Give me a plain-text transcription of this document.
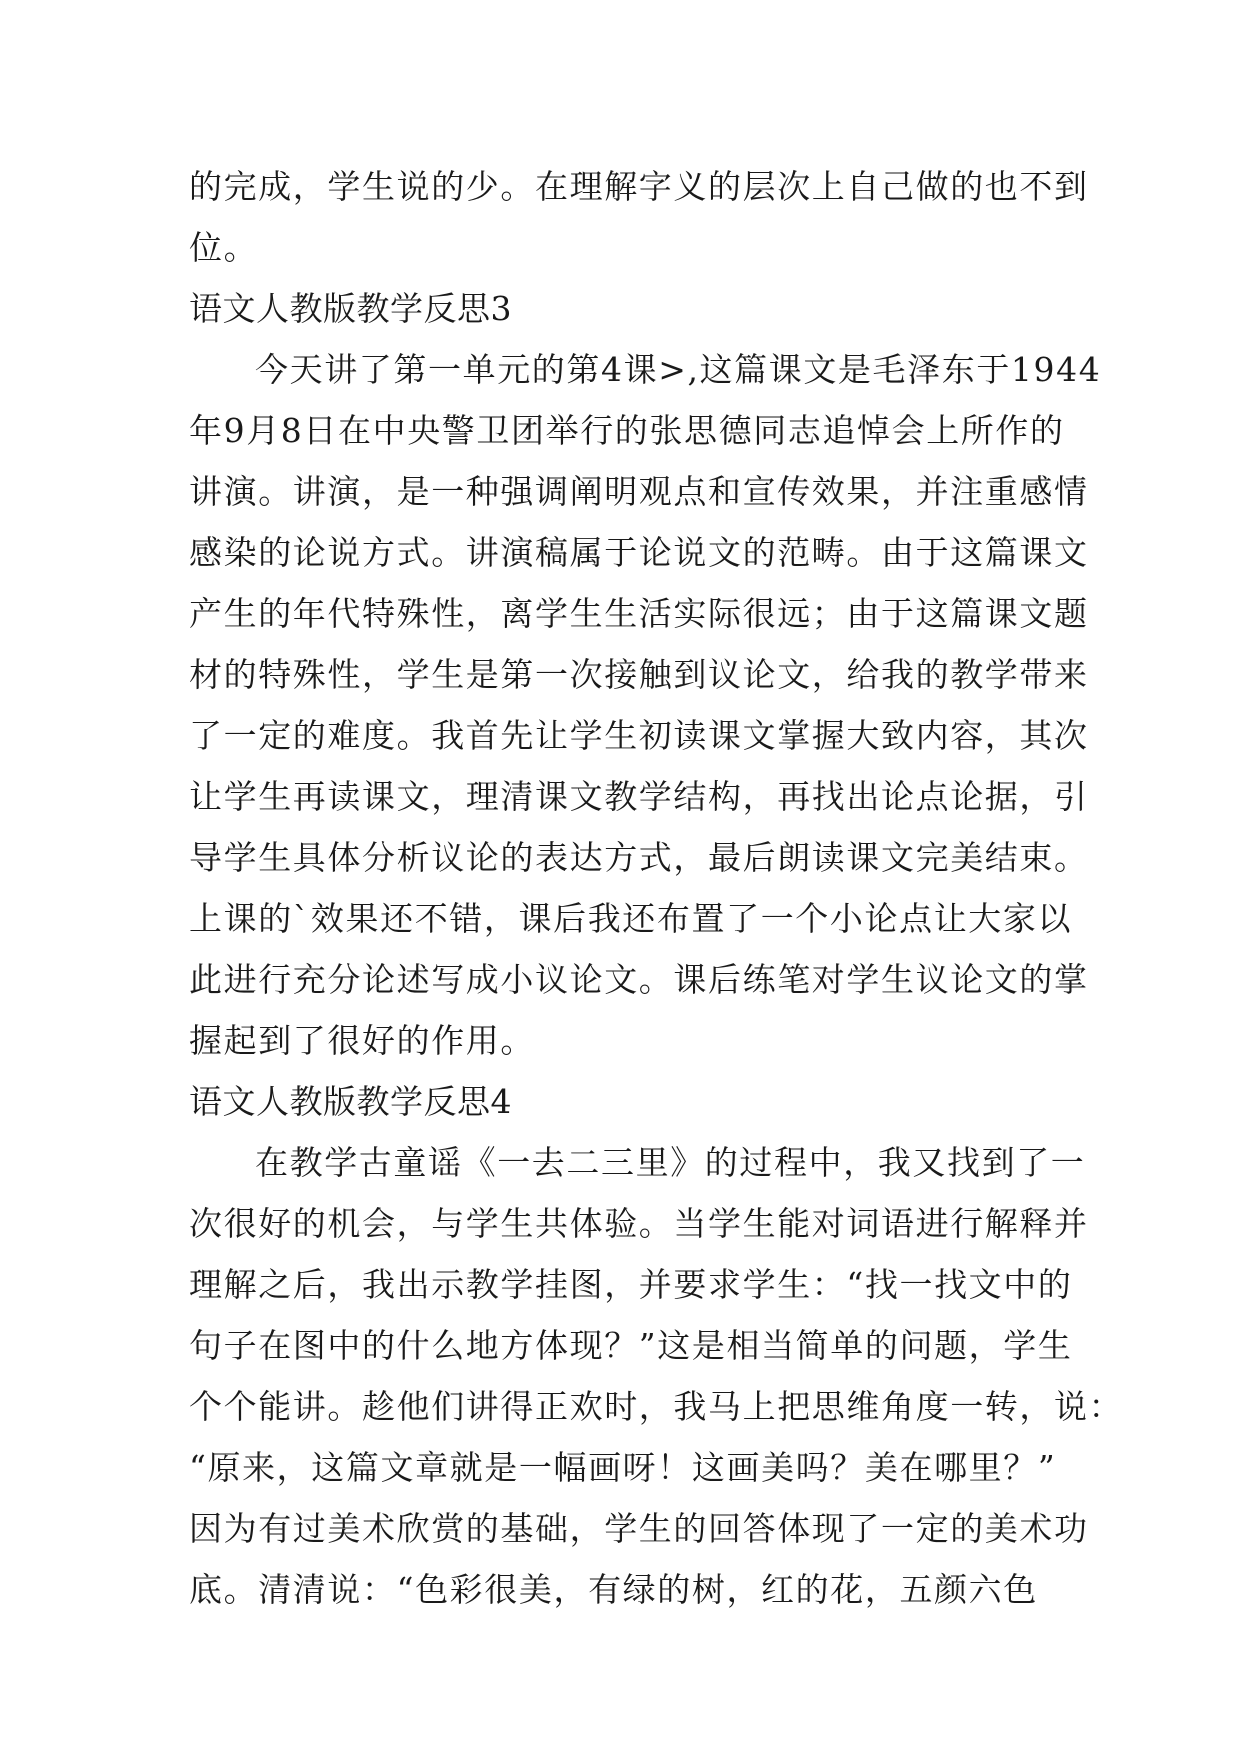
的完成，学生说的少。在理解字义的层次上自己做的也不到
位。
语文人教版教学反思3
今天讲了第一单元的第4课>,这篇课文是毛泽东于1944
年9月8日在中央警卫团举行的张思德同志追悼会上所作的
讲演。讲演，是一种强调阐明观点和宣传效果，并注重感情
感染的论说方式。讲演稿属于论说文的范畴。由于这篇课文
产生的年代特殊性，离学生生活实际很远；由于这篇课文题
材的特殊性，学生是第一次接触到议论文，给我的教学带来
了一定的难度。我首先让学生初读课文掌握大致内容，其次
让学生再读课文，理清课文教学结构，再找出论点论据，引
导学生具体分析议论的表达方式，最后朗读课文完美结束。
上课的`效果还不错，课后我还布置了一个小论点让大家以
此进行充分论述写成小议论文。课后练笔对学生议论文的掌
握起到了很好的作用。
语文人教版教学反思4
在教学古童谣《一去二三里》的过程中，我又找到了一
次很好的机会，与学生共体验。当学生能对词语进行解释并
理解之后，我出示教学挂图，并要求学生：“找一找文中的
句子在图中的什么地方体现？”这是相当简单的问题，学生
个个能讲。趁他们讲得正欢时，我马上把思维角度一转，说：
“原来，这篇文章就是一幅画呀！这画美吗？美在哪里？”
因为有过美术欣赏的基础，学生的回答体现了一定的美术功
底。清清说：“色彩很美，有绿的树，红的花，五颜六色
